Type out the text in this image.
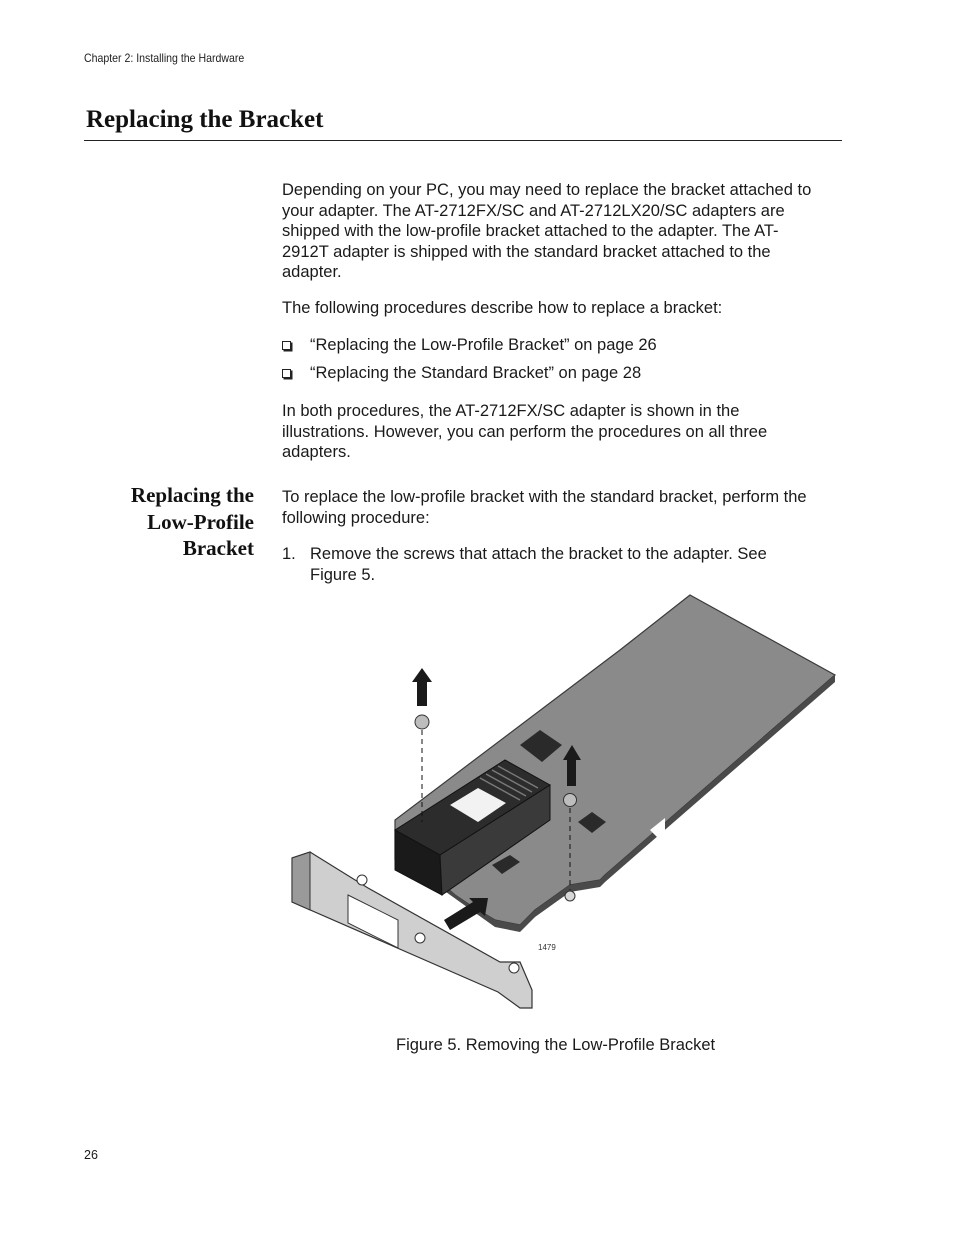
Chapter 2: Installing the Hardware
Replacing the Bracket
Depending on your PC, you may need to replace the bracket attached to
your adapter. The AT-2712FX/SC and AT-2712LX20/SC adapters are
shipped with the low-profile bracket attached to the adapter. The AT-
2912T adapter is shipped with the standard bracket attached to the
adapter.
The following procedures describe how to replace a bracket:
“Replacing the Low-Profile Bracket” on page 26
“Replacing the Standard Bracket” on page 28
In both procedures, the AT-2712FX/SC adapter is shown in the
illustrations. However, you can perform the procedures on all three
adapters.
Replacing the
Low-Profile
Bracket
To replace the low-profile bracket with the standard bracket, perform the
following procedure:
1. Remove the screws that attach the bracket to the adapter. See
Figure 5.
1479
Figure 5. Removing the Low-Profile Bracket
26
